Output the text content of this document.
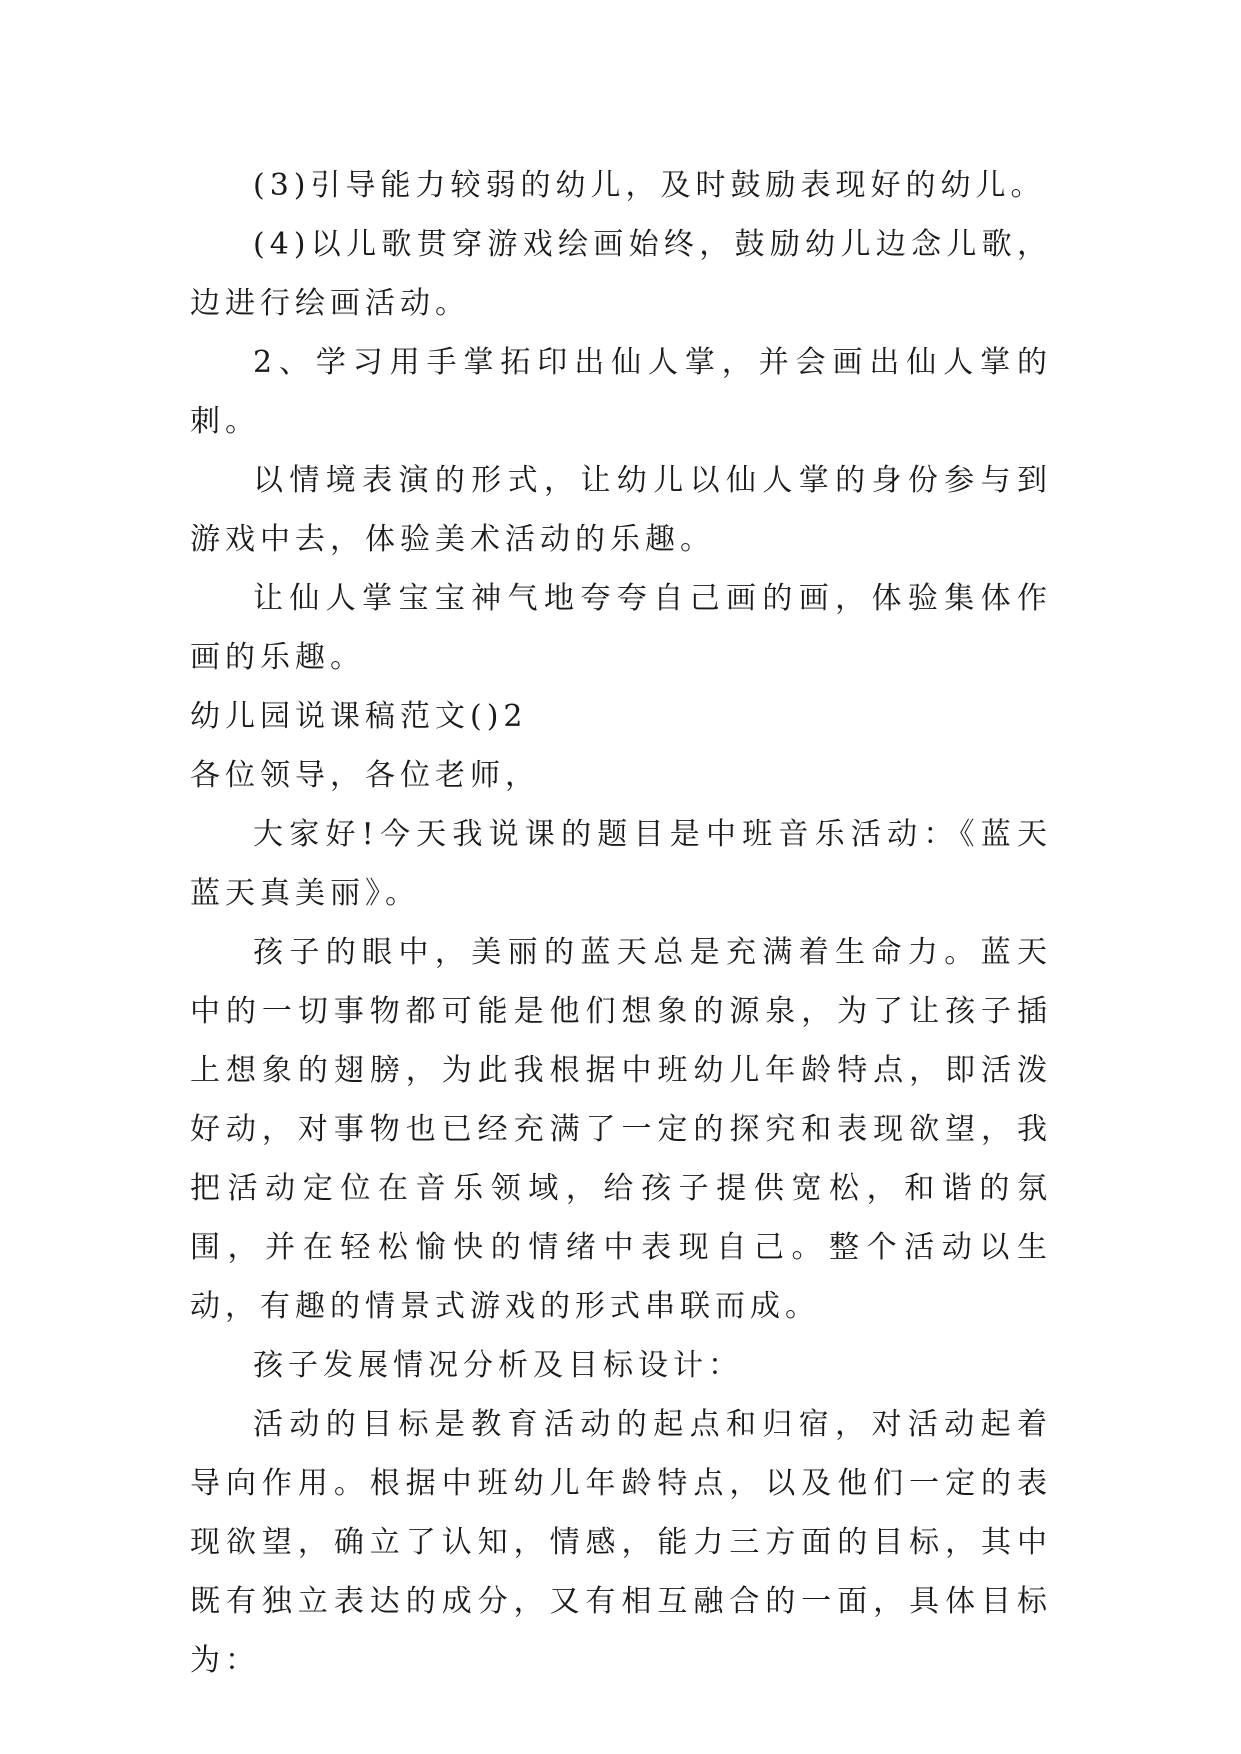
(3)引导能力较弱的幼儿，及时鼓励表现好的幼儿。

(4)以儿歌贯穿游戏绘画始终，鼓励幼儿边念儿歌，边进行绘画活动。

2、学习用手掌拓印出仙人掌，并会画出仙人掌的刺。

以情境表演的形式，让幼儿以仙人掌的身份参与到游戏中去，体验美术活动的乐趣。

让仙人掌宝宝神气地夸夸自己画的画，体验集体作画的乐趣。

幼儿园说课稿范文()2

各位领导，各位老师，

大家好!今天我说课的题目是中班音乐活动：《蓝天蓝天真美丽》。

孩子的眼中，美丽的蓝天总是充满着生命力。蓝天中的一切事物都可能是他们想象的源泉，为了让孩子插上想象的翅膀，为此我根据中班幼儿年龄特点，即活泼好动，对事物也已经充满了一定的探究和表现欲望，我把活动定位在音乐领域，给孩子提供宽松，和谐的氛围，并在轻松愉快的情绪中表现自己。整个活动以生动，有趣的情景式游戏的形式串联而成。

孩子发展情况分析及目标设计：

活动的目标是教育活动的起点和归宿，对活动起着导向作用。根据中班幼儿年龄特点，以及他们一定的表现欲望，确立了认知，情感，能力三方面的目标，其中既有独立表达的成分，又有相互融合的一面，具体目标为：
